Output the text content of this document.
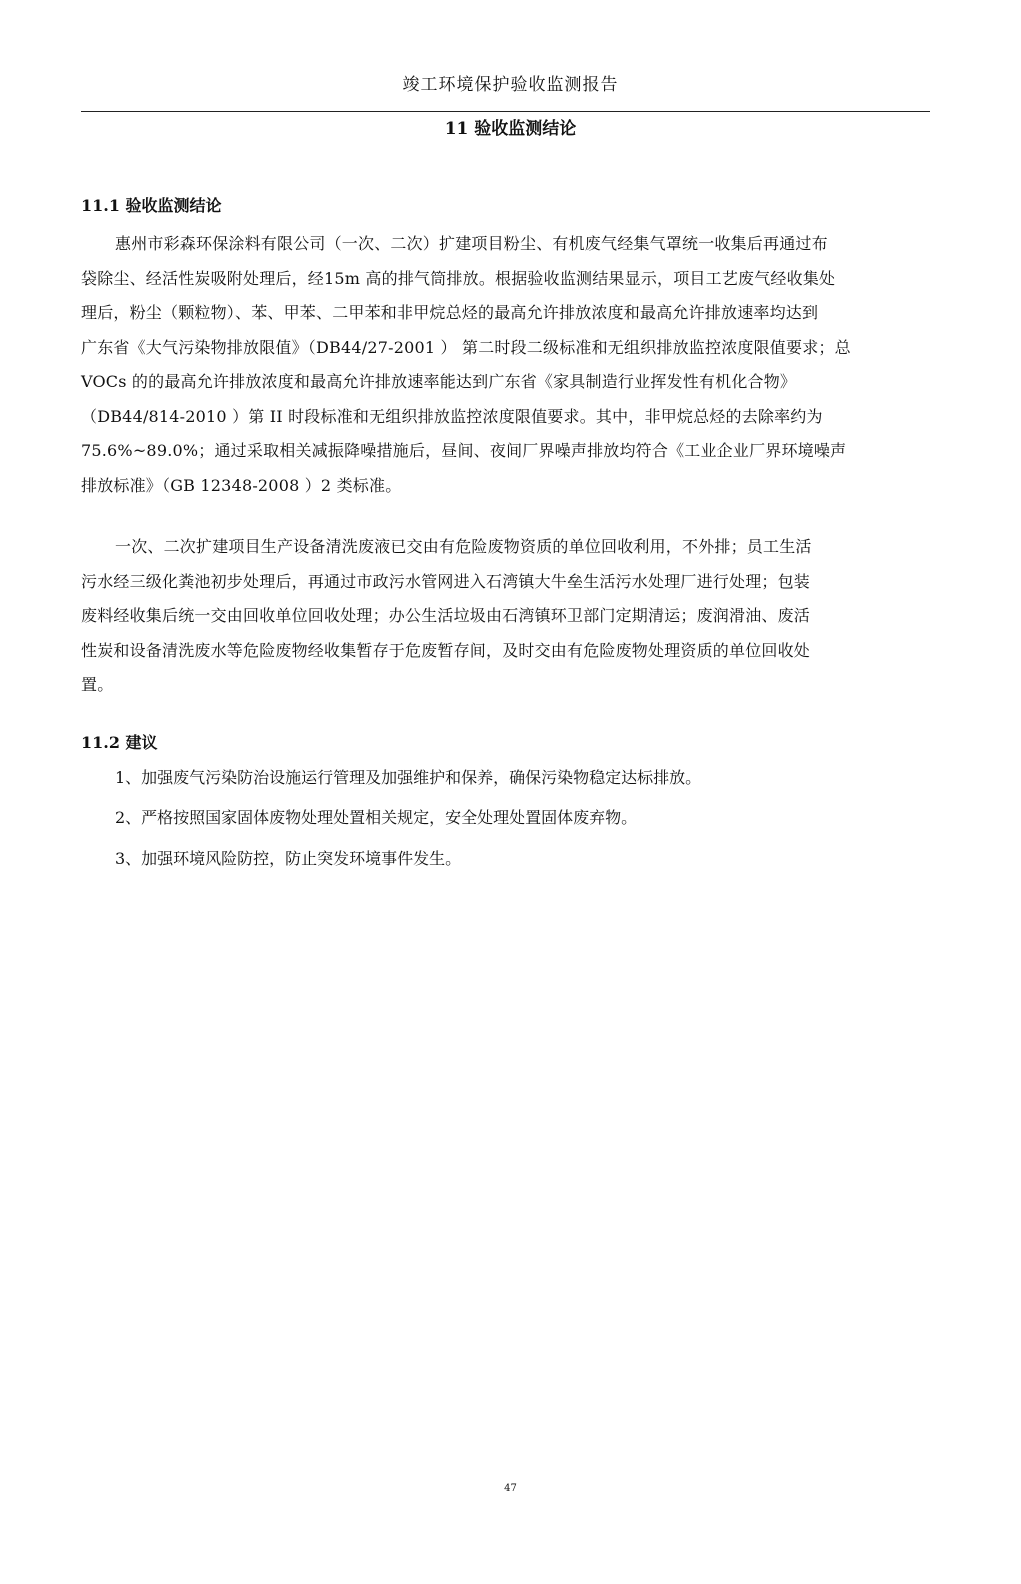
竣工环境保护验收监测报告
11 验收监测结论
11.1 验收监测结论

惠州市彩森环保涂料有限公司（一次、二次）扩建项目粉尘、有机废气经集气罩统一收集后再通过布
袋除尘、经活性炭吸附处理后，经15m 高的排气筒排放。根据验收监测结果显示，项目工艺废气经收集处
理后，粉尘（颗粒物）、苯、甲苯、二甲苯和非甲烷总烃的最高允许排放浓度和最高允许排放速率均达到
广东省《大气污染物排放限值》（DB44/27-2001 ） 第二时段二级标准和无组织排放监控浓度限值要求；总
VOCs 的的最高允许排放浓度和最高允许排放速率能达到广东省《家具制造行业挥发性有机化合物》
（DB44/814-2010 ）第 II 时段标准和无组织排放监控浓度限值要求。其中，非甲烷总烃的去除率约为
75.6%~89.0%；通过采取相关减振降噪措施后，昼间、夜间厂界噪声排放均符合《工业企业厂界环境噪声
排放标准》（GB 12348-2008 ）2 类标准。

一次、二次扩建项目生产设备清洗废液已交由有危险废物资质的单位回收利用，不外排；员工生活
污水经三级化粪池初步处理后，再通过市政污水管网进入石湾镇大牛垒生活污水处理厂进行处理；包装
废料经收集后统一交由回收单位回收处理；办公生活垃圾由石湾镇环卫部门定期清运；废润滑油、废活
性炭和设备清洗废水等危险废物经收集暂存于危废暂存间，及时交由有危险废物处理资质的单位回收处
置。

11.2 建议
1、加强废气污染防治设施运行管理及加强维护和保养，确保污染物稳定达标排放。
2、严格按照国家固体废物处理处置相关规定，安全处理处置固体废弃物。
3、加强环境风险防控，防止突发环境事件发生。
47
